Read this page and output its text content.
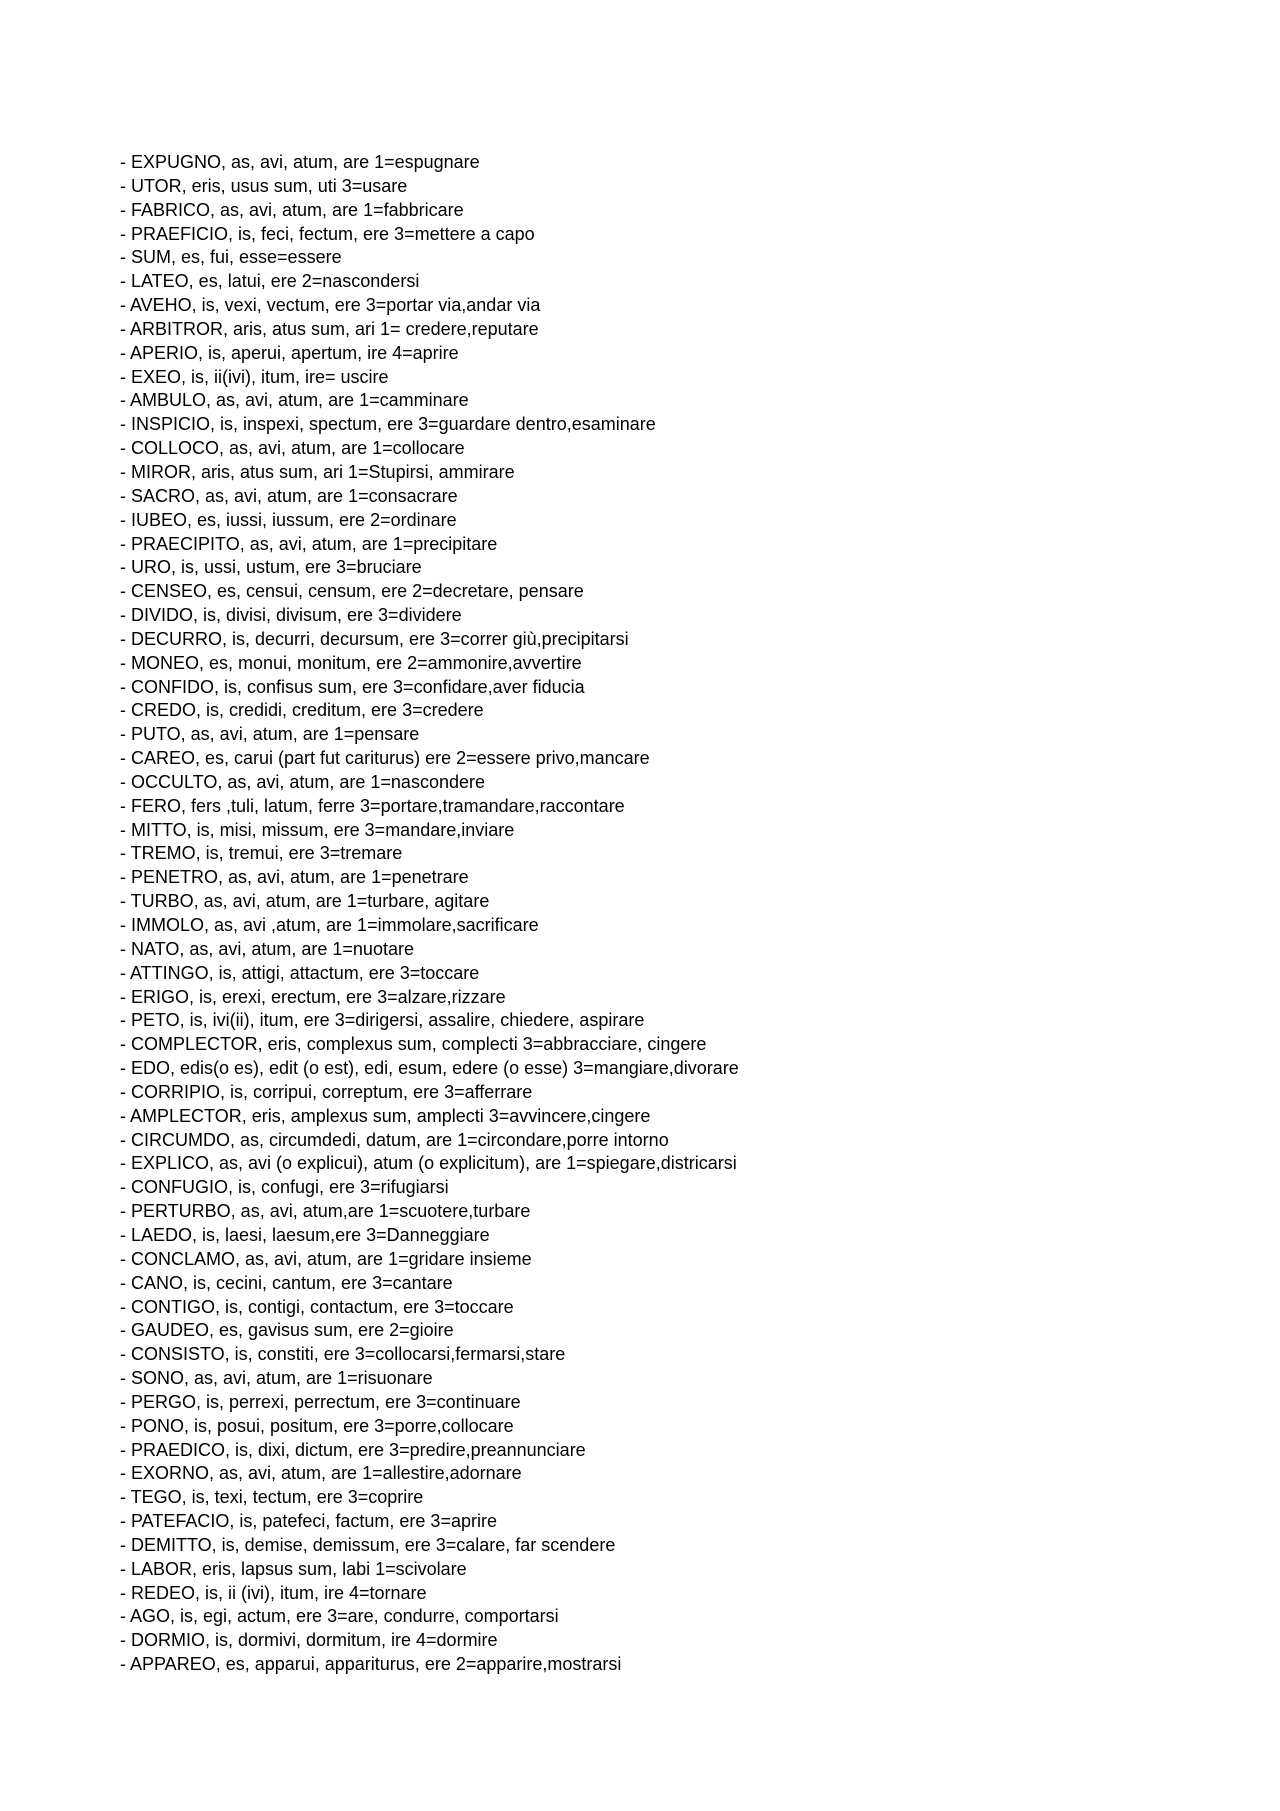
- EXPUGNO, as, avi, atum, are 1=espugnare
- UTOR, eris, usus sum, uti 3=usare
- FABRICO, as, avi, atum, are 1=fabbricare
- PRAEFICIO, is, feci, fectum, ere 3=mettere a capo
- SUM, es, fui, esse=essere
- LATEO, es, latui, ere 2=nascondersi
- AVEHO, is, vexi, vectum, ere 3=portar via,andar via
- ARBITROR, aris, atus sum, ari 1= credere,reputare
- APERIO, is, aperui, apertum, ire 4=aprire
- EXEO, is, ii(ivi), itum, ire= uscire
- AMBULO, as, avi, atum, are 1=camminare
- INSPICIO, is, inspexi, spectum, ere 3=guardare dentro,esaminare
- COLLOCO, as, avi, atum, are 1=collocare
- MIROR, aris, atus sum, ari 1=Stupirsi, ammirare
- SACRO, as, avi, atum, are 1=consacrare
- IUBEO, es, iussi, iussum, ere 2=ordinare
- PRAECIPITO, as, avi, atum, are 1=precipitare
- URO, is, ussi, ustum, ere 3=bruciare
- CENSEO, es, censui, censum, ere 2=decretare, pensare
- DIVIDO, is, divisi, divisum, ere 3=dividere
- DECURRO, is, decurri, decursum, ere 3=correr giù,precipitarsi
- MONEO, es, monui, monitum, ere 2=ammonire,avvertire
- CONFIDO, is, confisus sum, ere 3=confidare,aver fiducia
- CREDO, is, credidi, creditum, ere 3=credere
- PUTO, as, avi, atum, are 1=pensare
- CAREO, es, carui (part fut cariturus) ere 2=essere privo,mancare
- OCCULTO, as, avi, atum, are 1=nascondere
- FERO, fers ,tuli, latum, ferre 3=portare,tramandare,raccontare
- MITTO, is, misi, missum, ere 3=mandare,inviare
- TREMO, is, tremui, ere 3=tremare
- PENETRO, as, avi, atum, are 1=penetrare
- TURBO, as, avi, atum, are 1=turbare, agitare
- IMMOLO, as, avi ,atum, are 1=immolare,sacrificare
- NATO, as, avi, atum, are 1=nuotare
- ATTINGO, is, attigi, attactum, ere 3=toccare
- ERIGO, is, erexi, erectum, ere 3=alzare,rizzare
- PETO, is, ivi(ii), itum, ere 3=dirigersi, assalire, chiedere, aspirare
- COMPLECTOR, eris, complexus sum, complecti 3=abbracciare, cingere
- EDO, edis(o es), edit (o est), edi, esum, edere (o esse) 3=mangiare,divorare
- CORRIPIO, is, corripui, correptum, ere 3=afferrare
- AMPLECTOR, eris, amplexus sum, amplecti 3=avvincere,cingere
- CIRCUMDO, as, circumdedi, datum, are 1=circondare,porre intorno
- EXPLICO, as, avi (o explicui), atum (o explicitum), are 1=spiegare,districarsi
- CONFUGIO, is, confugi, ere 3=rifugiarsi
- PERTURBO, as, avi, atum,are 1=scuotere,turbare
- LAEDO, is, laesi, laesum,ere 3=Danneggiare
- CONCLAMO, as, avi, atum, are 1=gridare insieme
- CANO, is, cecini, cantum, ere 3=cantare
- CONTIGO, is, contigi, contactum, ere 3=toccare
- GAUDEO, es, gavisus sum, ere 2=gioire
- CONSISTO, is, constiti, ere 3=collocarsi,fermarsi,stare
- SONO, as, avi, atum, are 1=risuonare
- PERGO, is, perrexi, perrectum, ere 3=continuare
- PONO, is, posui, positum, ere 3=porre,collocare
- PRAEDICO, is, dixi, dictum, ere 3=predire,preannunciare
- EXORNO, as, avi, atum, are 1=allestire,adornare
- TEGO, is, texi, tectum, ere 3=coprire
- PATEFACIO, is, patefeci, factum, ere 3=aprire
- DEMITTO, is, demise, demissum, ere 3=calare, far scendere
- LABOR, eris, lapsus sum, labi 1=scivolare
- REDEO, is, ii (ivi), itum, ire 4=tornare
- AGO, is, egi, actum, ere 3=are, condurre, comportarsi
- DORMIO, is, dormivi, dormitum, ire 4=dormire
- APPAREO, es, apparui, appariturus, ere 2=apparire,mostrarsi
